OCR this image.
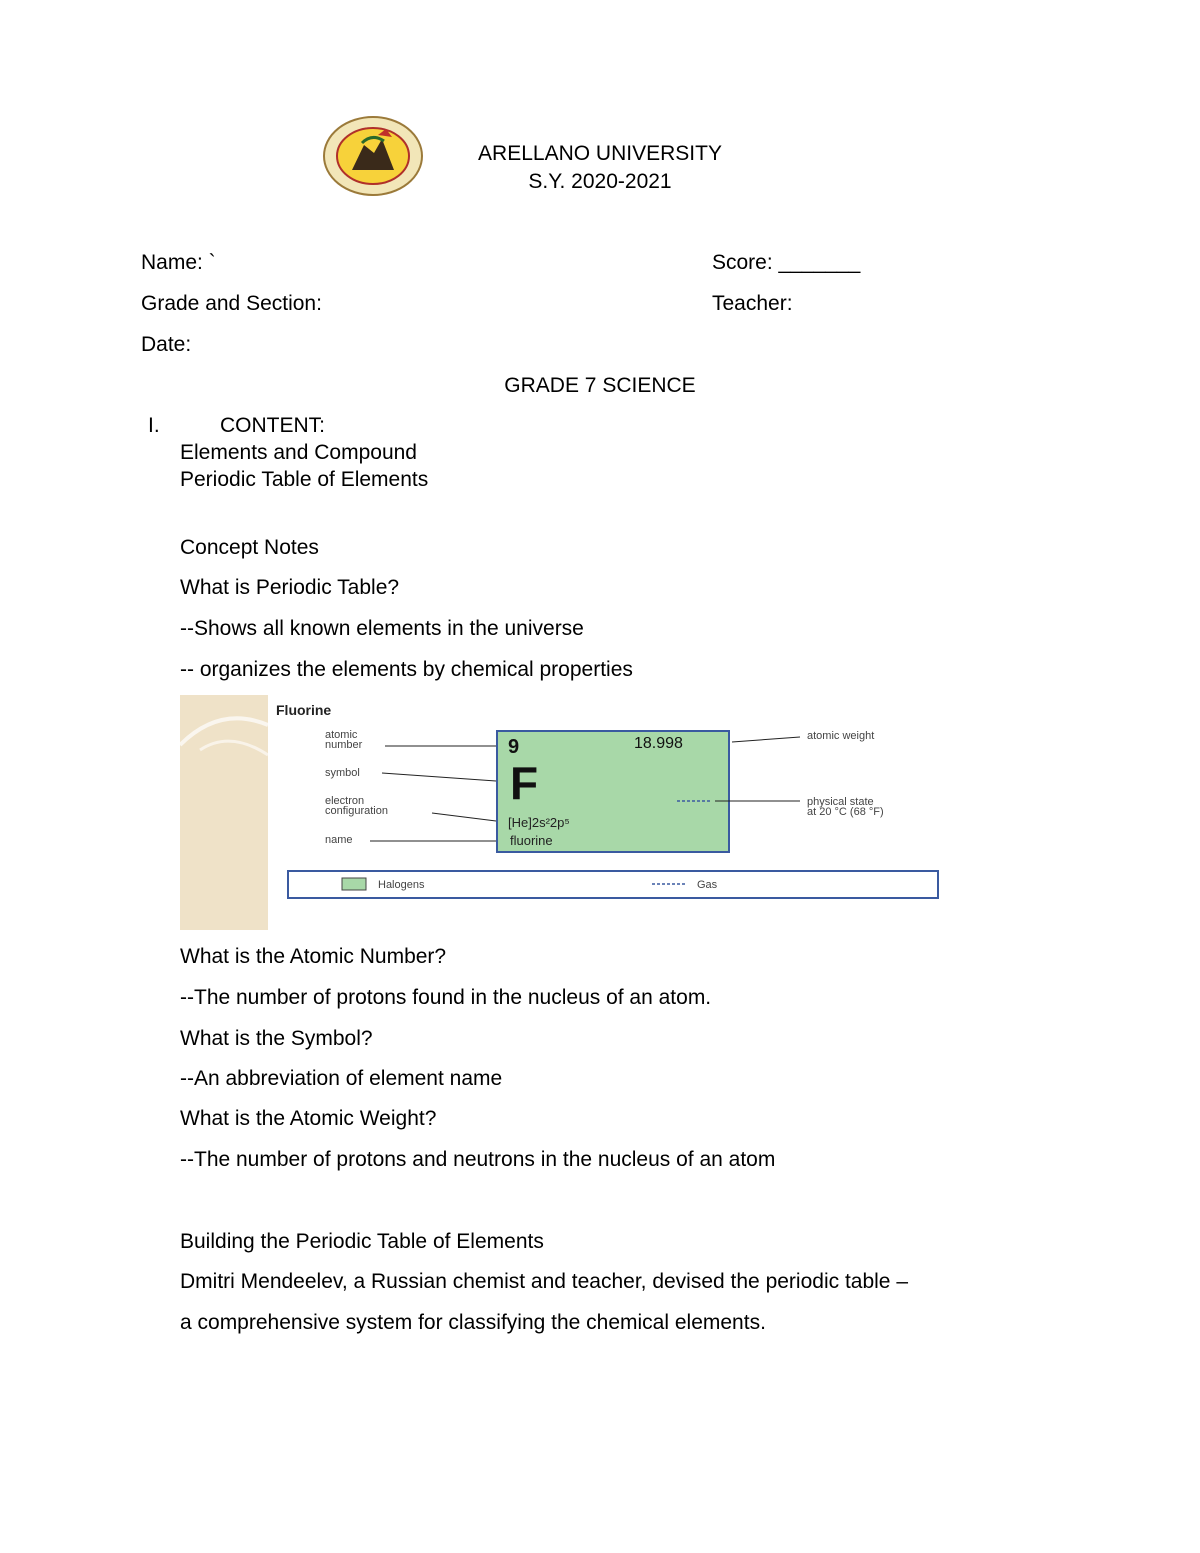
ARELLANO UNIVERSITY
S.Y. 2020-2021
Name: `	Score: _______
Grade and Section:	Teacher:
Date:
GRADE 7 SCIENCE
I.	CONTENT:
Elements and Compound
Periodic Table of Elements
Concept Notes
What is Periodic Table?
--Shows all known elements in the universe
-- organizes the elements by chemical properties
Fluorine
atomic
number
symbol
electron
configuration
name
9	18.998
F
[He]2s²2p⁵
fluorine
atomic weight
physical state
at 20 °C (68 °F)
Halogens	Gas
What is the Atomic Number?
--The number of protons found in the nucleus of an atom.
What is the Symbol?
--An abbreviation of element name
What is the Atomic Weight?
--The number of protons and neutrons in the nucleus of an atom
Building the Periodic Table of Elements
Dmitri Mendeelev, a Russian chemist and teacher, devised the periodic table –
a comprehensive system for classifying the chemical elements.
